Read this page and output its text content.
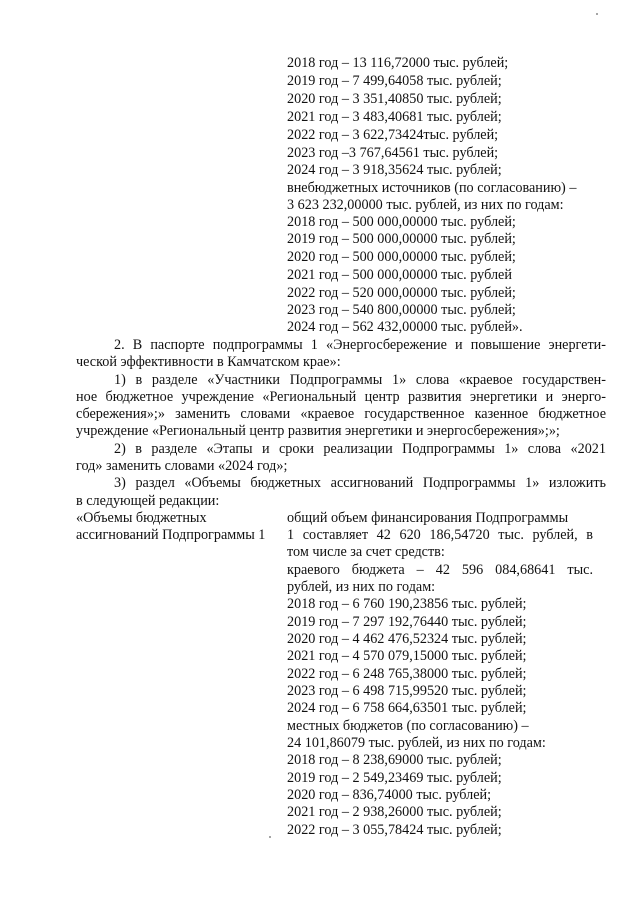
2018 год – 13 116,72000 тыс. рублей;
2019 год – 7 499,64058 тыс. рублей;
2020 год – 3 351,40850 тыс. рублей;
2021 год – 3 483,40681 тыс. рублей;
2022 год – 3 622,73424тыс. рублей;
2023 год –3 767,64561 тыс. рублей;
2024 год – 3 918,35624 тыс. рублей;
внебюджетных источников (по согласованию) –
3 623 232,00000 тыс. рублей, из них по годам:
2018 год – 500 000,00000 тыс. рублей;
2019 год – 500 000,00000 тыс. рублей;
2020 год – 500 000,00000 тыс. рублей;
2021 год – 500 000,00000 тыс. рублей
2022 год – 520 000,00000 тыс. рублей;
2023 год – 540 800,00000 тыс. рублей;
2024 год – 562 432,00000 тыс. рублей».
2. В паспорте подпрограммы 1 «Энергосбережение и повышение энергети-
ческой эффективности в Камчатском крае»:
1) в разделе «Участники Подпрограммы 1» слова «краевое государствен-
ное бюджетное учреждение «Региональный центр развития энергетики и энерго-
сбережения»;» заменить словами «краевое государственное казенное бюджетное
учреждение «Региональный центр развития энергетики и энергосбережения»;»;
2) в разделе «Этапы и сроки реализации Подпрограммы 1» слова «2021
год» заменить словами «2024 год»;
3) раздел «Объемы бюджетных ассигнований Подпрограммы 1» изложить
в следующей редакции:
«Объемы бюджетных
ассигнований Подпрограммы 1
общий объем финансирования Подпрограммы
1 составляет 42 620 186,54720 тыс. рублей, в
том числе за счет средств:
краевого бюджета – 42 596 084,68641 тыс.
рублей, из них по годам:
2018 год – 6 760 190,23856 тыс. рублей;
2019 год – 7 297 192,76440 тыс. рублей;
2020 год – 4 462 476,52324 тыс. рублей;
2021 год – 4 570 079,15000 тыс. рублей;
2022 год – 6 248 765,38000 тыс. рублей;
2023 год – 6 498 715,99520 тыс. рублей;
2024 год – 6 758 664,63501 тыс. рублей;
местных бюджетов (по согласованию) –
24 101,86079 тыс. рублей, из них по годам:
2018 год – 8 238,69000 тыс. рублей;
2019 год – 2 549,23469 тыс. рублей;
2020 год – 836,74000 тыс. рублей;
2021 год – 2 938,26000 тыс. рублей;
2022 год – 3 055,78424 тыс. рублей;
